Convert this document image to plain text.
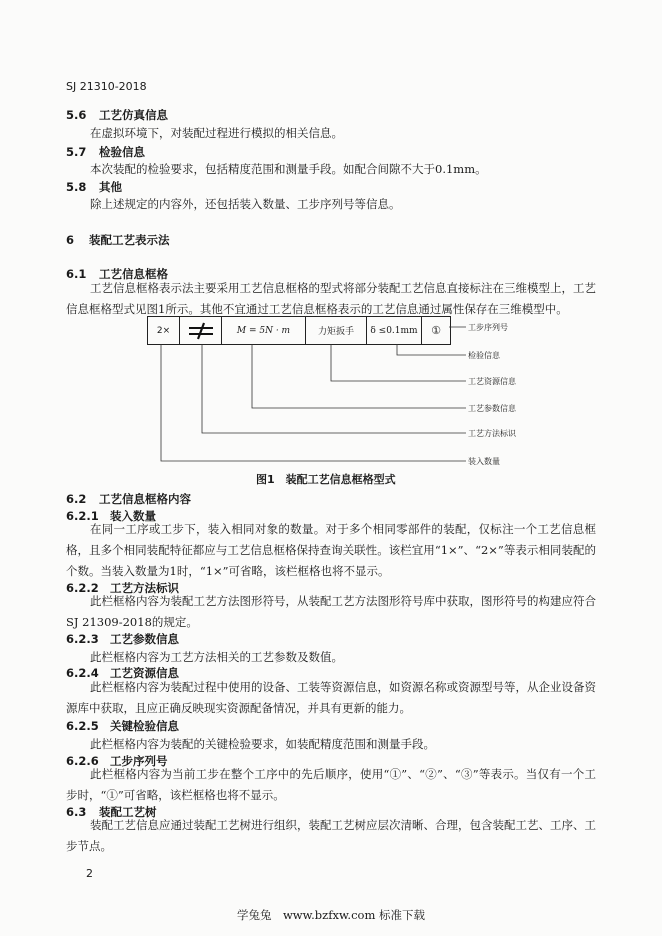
SJ 21310-2018
5.6 工艺仿真信息
在虚拟环境下，对装配过程进行模拟的相关信息。
5.7 检验信息
本次装配的检验要求，包括精度范围和测量手段。如配合间隙不大于0.1mm。
5.8 其他
除上述规定的内容外，还包括装入数量、工步序列号等信息。
6 装配工艺表示法
6.1 工艺信息框格
工艺信息框格表示法主要采用工艺信息框格的型式将部分装配工艺信息直接标注在三维模型上，工艺信息框格型式见图1所示。其他不宜通过工艺信息框格表示的工艺信息通过属性保存在三维模型中。
2×	M = 5N · m	力矩扳手	δ ≤0.1mm	①	工步序列号
检验信息
工艺资源信息
工艺参数信息
工艺方法标识
装入数量
图1　装配工艺信息框格型式
6.2 工艺信息框格内容
6.2.1 装入数量
在同一工序或工步下，装入相同对象的数量。对于多个相同零部件的装配，仅标注一个工艺信息框格，且多个相同装配特征都应与工艺信息框格保持查询关联性。该栏宜用“1×”、“2×”等表示相同装配的个数。当装入数量为1时，“1×”可省略，该栏框格也将不显示。
6.2.2 工艺方法标识
此栏框格内容为装配工艺方法图形符号，从装配工艺方法图形符号库中获取，图形符号的构建应符合SJ 21309-2018的规定。
6.2.3 工艺参数信息
此栏框格内容为工艺方法相关的工艺参数及数值。
6.2.4 工艺资源信息
此栏框格内容为装配过程中使用的设备、工装等资源信息，如资源名称或资源型号等，从企业设备资源库中获取，且应正确反映现实资源配备情况，并具有更新的能力。
6.2.5 关键检验信息
此栏框格内容为装配的关键检验要求，如装配精度范围和测量手段。
6.2.6 工步序列号
此栏框格内容为当前工步在整个工序中的先后顺序，使用“①”、“②”、“③”等表示。当仅有一个工步时，“①”可省略，该栏框格也将不显示。
6.3 装配工艺树
装配工艺信息应通过装配工艺树进行组织，装配工艺树应层次清晰、合理，包含装配工艺、工序、工步节点。
2
学兔兔　www.bzfxw.com 标准下载
